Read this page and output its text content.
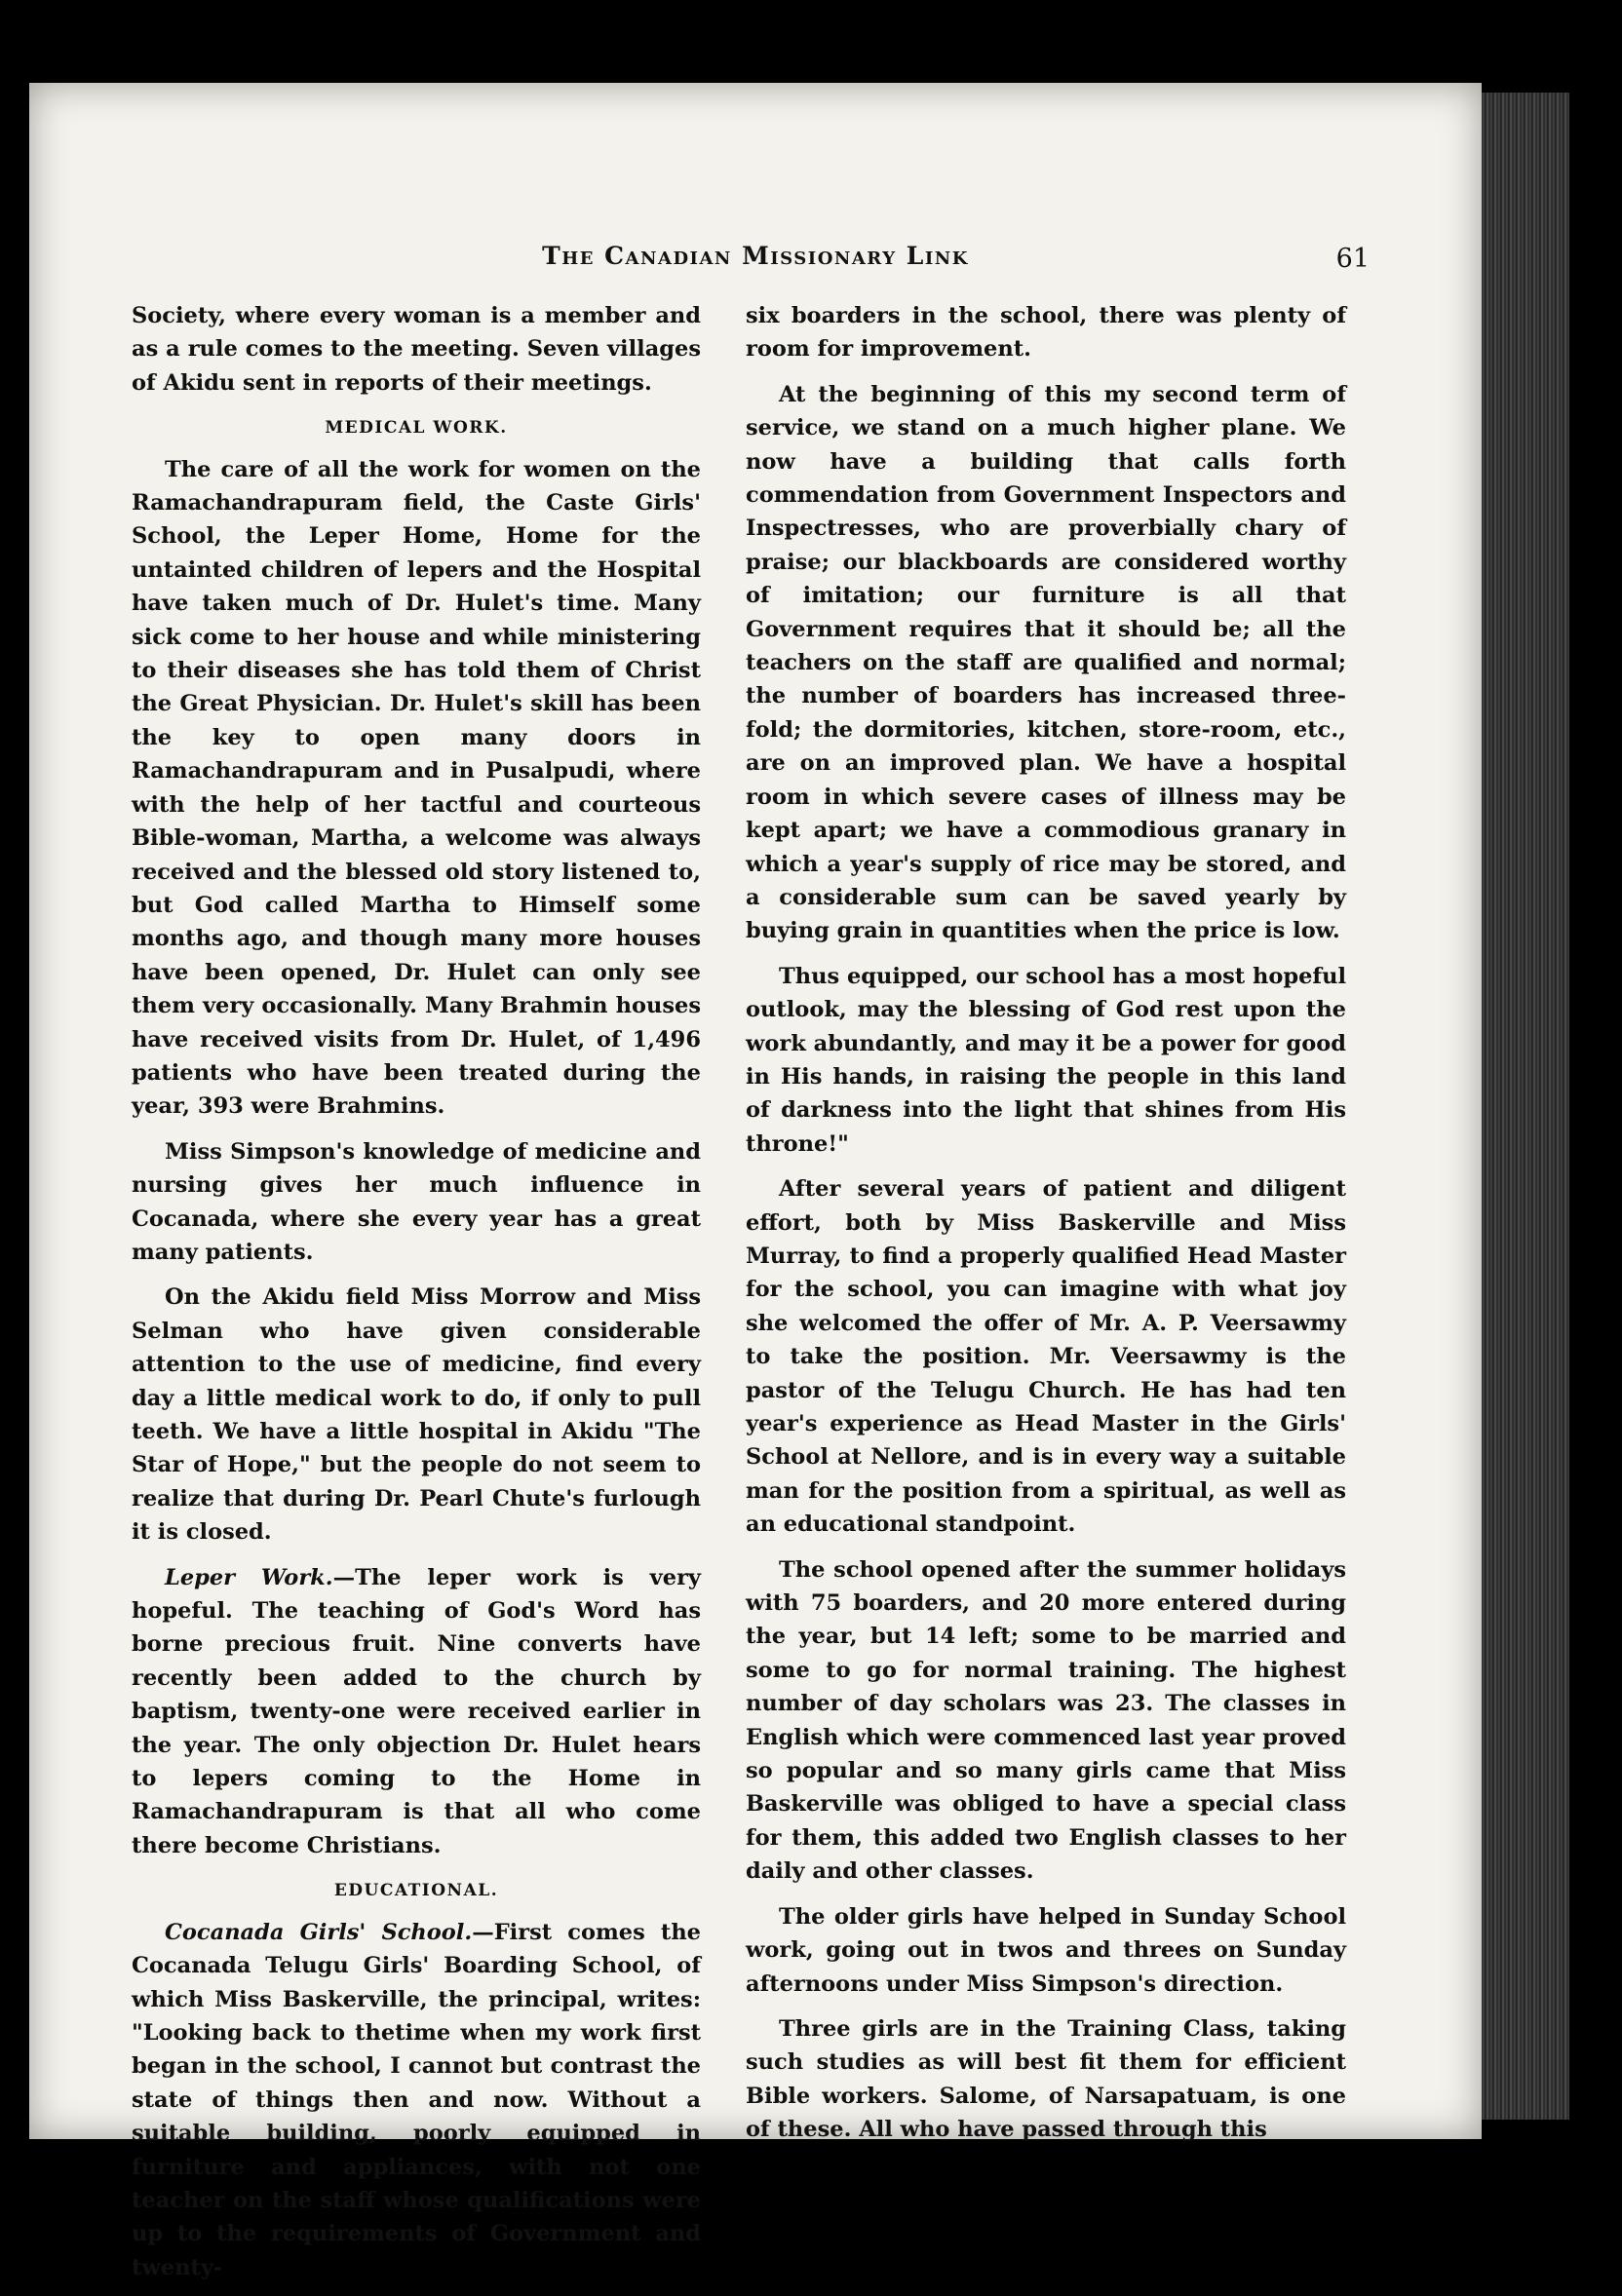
The Canadian Missionary Link	61

Society, where every woman is a member and as a rule comes to the meeting. Seven villages of Akidu sent in reports of their meetings.

MEDICAL WORK.

The care of all the work for women on the Ramachandrapuram field, the Caste Girls' School, the Leper Home, Home for the untainted children of lepers and the Hospital have taken much of Dr. Hulet's time. Many sick come to her house and while ministering to their diseases she has told them of Christ the Great Physician. Dr. Hulet's skill has been the key to open many doors in Ramachandrapuram and in Pusalpudi, where with the help of her tactful and courteous Bible-woman, Martha, a welcome was always received and the blessed old story listened to, but God called Martha to Himself some months ago, and though many more houses have been opened, Dr. Hulet can only see them very occasionally. Many Brahmin houses have received visits from Dr. Hulet, of 1,496 patients who have been treated during the year, 393 were Brahmins.

Miss Simpson's knowledge of medicine and nursing gives her much influence in Cocanada, where she every year has a great many patients.

On the Akidu field Miss Morrow and Miss Selman who have given considerable attention to the use of medicine, find every day a little medical work to do, if only to pull teeth. We have a little hospital in Akidu "The Star of Hope," but the people do not seem to realize that during Dr. Pearl Chute's furlough it is closed.

Leper Work.—The leper work is very hopeful. The teaching of God's Word has borne precious fruit. Nine converts have recently been added to the church by baptism, twenty-one were received earlier in the year. The only objection Dr. Hulet hears to lepers coming to the Home in Ramachandrapuram is that all who come there become Christians.

EDUCATIONAL.

Cocanada Girls' School.—First comes the Cocanada Telugu Girls' Boarding School, of which Miss Baskerville, the principal, writes: "Looking back to thetime when my work first began in the school, I cannot but contrast the state of things then and now. Without a suitable building, poorly equipped in furniture and appliances, with not one teacher on the staff whose qualifications were up to the requirements of Government and twenty-

six boarders in the school, there was plenty of room for improvement.

At the beginning of this my second term of service, we stand on a much higher plane. We now have a building that calls forth commendation from Government Inspectors and Inspectresses, who are proverbially chary of praise; our blackboards are considered worthy of imitation; our furniture is all that Government requires that it should be; all the teachers on the staff are qualified and normal; the number of boarders has increased three-fold; the dormitories, kitchen, store-room, etc., are on an improved plan. We have a hospital room in which severe cases of illness may be kept apart; we have a commodious granary in which a year's supply of rice may be stored, and a considerable sum can be saved yearly by buying grain in quantities when the price is low.

Thus equipped, our school has a most hopeful outlook, may the blessing of God rest upon the work abundantly, and may it be a power for good in His hands, in raising the people in this land of darkness into the light that shines from His throne!"

After several years of patient and diligent effort, both by Miss Baskerville and Miss Murray, to find a properly qualified Head Master for the school, you can imagine with what joy she welcomed the offer of Mr. A. P. Veersawmy to take the position. Mr. Veersawmy is the pastor of the Telugu Church. He has had ten year's experience as Head Master in the Girls' School at Nellore, and is in every way a suitable man for the position from a spiritual, as well as an educational standpoint.

The school opened after the summer holidays with 75 boarders, and 20 more entered during the year, but 14 left; some to be married and some to go for normal training. The highest number of day scholars was 23. The classes in English which were commenced last year proved so popular and so many girls came that Miss Baskerville was obliged to have a special class for them, this added two English classes to her daily and other classes.

The older girls have helped in Sunday School work, going out in twos and threes on Sunday afternoons under Miss Simpson's direction.

Three girls are in the Training Class, taking such studies as will best fit them for efficient Bible workers. Salome, of Narsapatuam, is one of these. All who have passed through this
